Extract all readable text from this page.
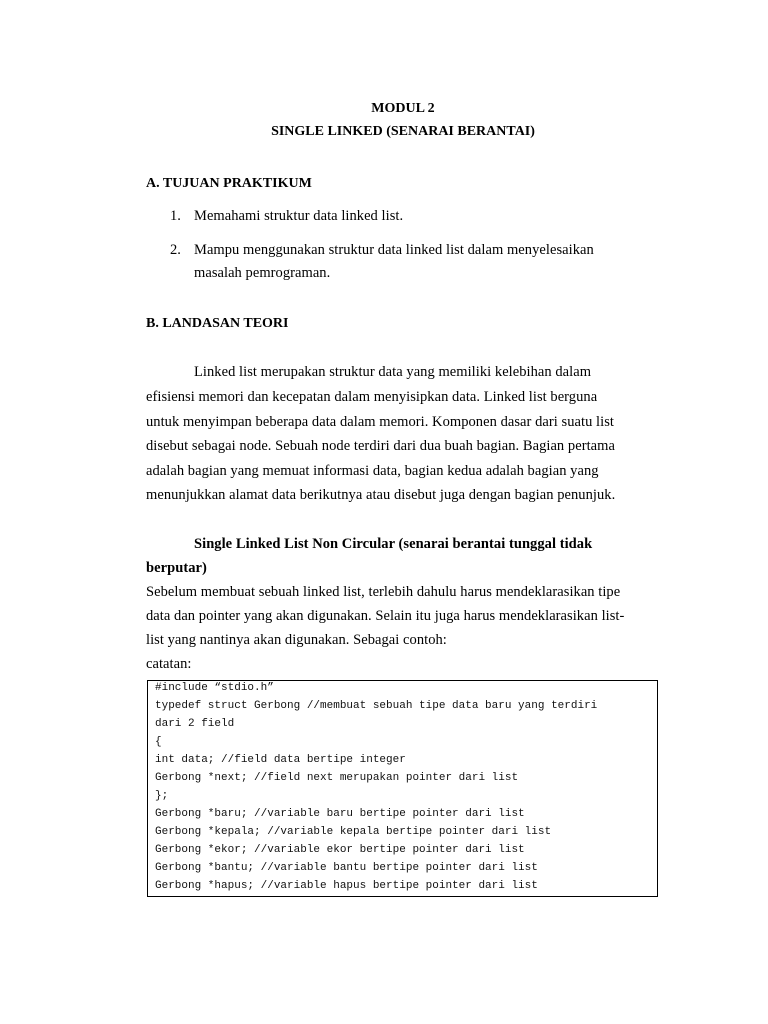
MODUL 2
SINGLE LINKED (SENARAI BERANTAI)
A. TUJUAN PRAKTIKUM
1. Memahami struktur data linked list.
2. Mampu menggunakan struktur data linked list dalam menyelesaikan
masalah pemrograman.
B. LANDASAN TEORI
Linked list merupakan struktur data yang memiliki kelebihan dalam
efisiensi memori dan kecepatan dalam menyisipkan data. Linked list berguna
untuk menyimpan beberapa data dalam memori. Komponen dasar dari suatu list
disebut sebagai node. Sebuah node terdiri dari dua buah bagian. Bagian pertama
adalah bagian yang memuat informasi data, bagian kedua adalah bagian yang
menunjukkan alamat data berikutnya atau disebut juga dengan bagian penunjuk.
Single Linked List Non Circular (senarai berantai tunggal tidak
berputar)
Sebelum membuat sebuah linked list, terlebih dahulu harus mendeklarasikan tipe
data dan pointer yang akan digunakan. Selain itu juga harus mendeklarasikan list-
list yang nantinya akan digunakan. Sebagai contoh:
catatan:
#include “stdio.h”
typedef struct Gerbong //membuat sebuah tipe data baru yang terdiri
dari 2 field
{
int data; //field data bertipe integer
Gerbong *next; //field next merupakan pointer dari list
};
Gerbong *baru; //variable baru bertipe pointer dari list
Gerbong *kepala; //variable kepala bertipe pointer dari list
Gerbong *ekor; //variable ekor bertipe pointer dari list
Gerbong *bantu; //variable bantu bertipe pointer dari list
Gerbong *hapus; //variable hapus bertipe pointer dari list
